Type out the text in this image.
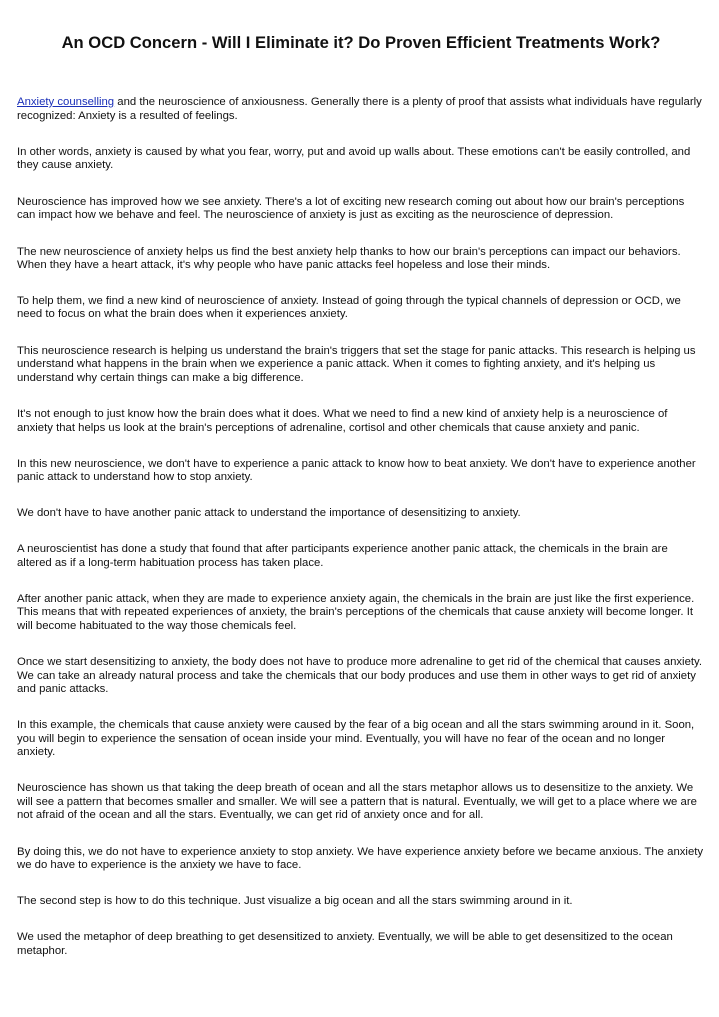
An OCD Concern - Will I Eliminate it? Do Proven Efficient Treatments Work?

Anxiety counselling and the neuroscience of anxiousness. Generally there is a plenty of proof that assists what individuals have regularly recognized: Anxiety is a resulted of feelings.

In other words, anxiety is caused by what you fear, worry, put and avoid up walls about. These emotions can't be easily controlled, and they cause anxiety.

Neuroscience has improved how we see anxiety. There's a lot of exciting new research coming out about how our brain's perceptions can impact how we behave and feel. The neuroscience of anxiety is just as exciting as the neuroscience of depression.

The new neuroscience of anxiety helps us find the best anxiety help thanks to how our brain's perceptions can impact our behaviors. When they have a heart attack, it's why people who have panic attacks feel hopeless and lose their minds.

To help them, we find a new kind of neuroscience of anxiety. Instead of going through the typical channels of depression or OCD, we need to focus on what the brain does when it experiences anxiety.

This neuroscience research is helping us understand the brain's triggers that set the stage for panic attacks. This research is helping us understand what happens in the brain when we experience a panic attack. When it comes to fighting anxiety, and it's helping us understand why certain things can make a big difference.

It's not enough to just know how the brain does what it does. What we need to find a new kind of anxiety help is a neuroscience of anxiety that helps us look at the brain's perceptions of adrenaline, cortisol and other chemicals that cause anxiety and panic.

In this new neuroscience, we don't have to experience a panic attack to know how to beat anxiety. We don't have to experience another panic attack to understand how to stop anxiety.

We don't have to have another panic attack to understand the importance of desensitizing to anxiety.

A neuroscientist has done a study that found that after participants experience another panic attack, the chemicals in the brain are altered as if a long-term habituation process has taken place.

After another panic attack, when they are made to experience anxiety again, the chemicals in the brain are just like the first experience. This means that with repeated experiences of anxiety, the brain's perceptions of the chemicals that cause anxiety will become longer. It will become habituated to the way those chemicals feel.

Once we start desensitizing to anxiety, the body does not have to produce more adrenaline to get rid of the chemical that causes anxiety. We can take an already natural process and take the chemicals that our body produces and use them in other ways to get rid of anxiety and panic attacks.

In this example, the chemicals that cause anxiety were caused by the fear of a big ocean and all the stars swimming around in it. Soon, you will begin to experience the sensation of ocean inside your mind. Eventually, you will have no fear of the ocean and no longer anxiety.

Neuroscience has shown us that taking the deep breath of ocean and all the stars metaphor allows us to desensitize to the anxiety. We will see a pattern that becomes smaller and smaller. We will see a pattern that is natural. Eventually, we will get to a place where we are not afraid of the ocean and all the stars. Eventually, we can get rid of anxiety once and for all.

By doing this, we do not have to experience anxiety to stop anxiety. We have experience anxiety before we became anxious. The anxiety we do have to experience is the anxiety we have to face.

The second step is how to do this technique. Just visualize a big ocean and all the stars swimming around in it.

We used the metaphor of deep breathing to get desensitized to anxiety. Eventually, we will be able to get desensitized to the ocean metaphor.
